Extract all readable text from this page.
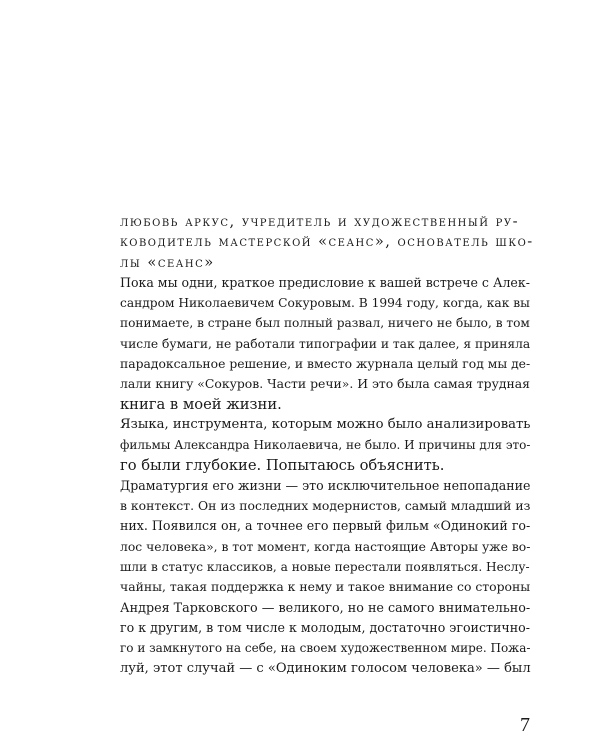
любовь аркус, учредитель и художественный ру-
ководитель мастерской «сеанс», основатель шко-
лы «сеанс»
Пока мы одни, краткое предисловие к вашей встрече с Алек-
сандром Николаевичем Сокуровым. В 1994 году, когда, как вы
понимаете, в стране был полный развал, ничего не было, в том
числе бумаги, не работали типографии и так далее, я приняла
парадоксальное решение, и вместо журнала целый год мы де-
лали книгу «Сокуров. Части речи». И это была самая трудная
книга в моей жизни.
Языка, инструмента, которым можно было анализировать
фильмы Александра Николаевича, не было. И причины для это-
го были глубокие. Попытаюсь объяснить.
Драматургия его жизни — это исключительное непопадание
в контекст. Он из последних модернистов, самый младший из
них. Появился он, а точнее его первый фильм «Одинокий го-
лос человека», в тот момент, когда настоящие Авторы уже во-
шли в статус классиков, а новые перестали появляться. Неслу-
чайны, такая поддержка к нему и такое внимание со стороны
Андрея Тарковского — великого, но не самого внимательно-
го к другим, в том числе к молодым, достаточно эгоистично-
го и замкнутого на себе, на своем художественном мире. Пожа-
луй, этот случай — с «Одиноким голосом человека» — был
7
